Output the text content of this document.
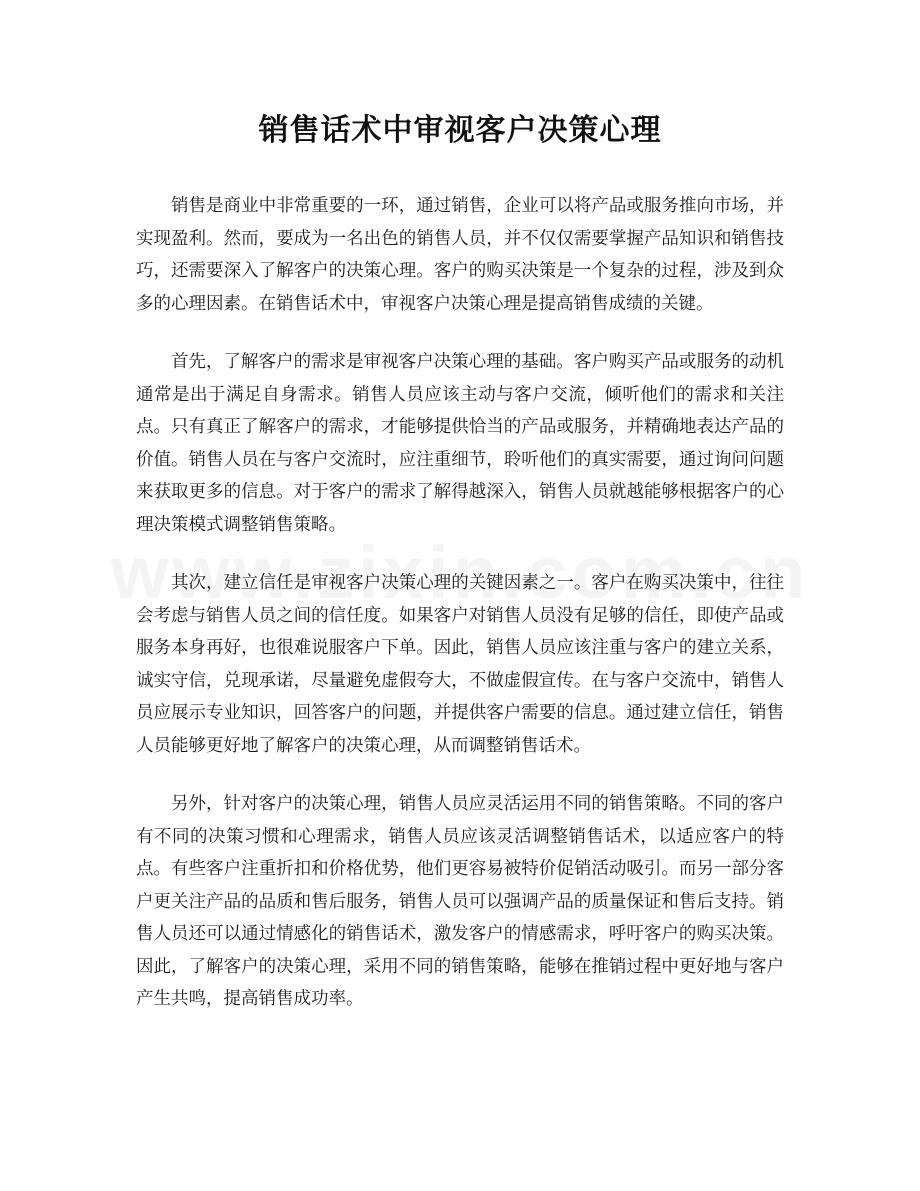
销售话术中审视客户决策心理

销售是商业中非常重要的一环，通过销售，企业可以将产品或服务推向市场，并实现盈利。然而，要成为一名出色的销售人员，并不仅仅需要掌握产品知识和销售技巧，还需要深入了解客户的决策心理。客户的购买决策是一个复杂的过程，涉及到众多的心理因素。在销售话术中，审视客户决策心理是提高销售成绩的关键。

首先，了解客户的需求是审视客户决策心理的基础。客户购买产品或服务的动机通常是出于满足自身需求。销售人员应该主动与客户交流，倾听他们的需求和关注点。只有真正了解客户的需求，才能够提供恰当的产品或服务，并精确地表达产品的价值。销售人员在与客户交流时，应注重细节，聆听他们的真实需要，通过询问问题来获取更多的信息。对于客户的需求了解得越深入，销售人员就越能够根据客户的心理决策模式调整销售策略。

其次，建立信任是审视客户决策心理的关键因素之一。客户在购买决策中，往往会考虑与销售人员之间的信任度。如果客户对销售人员没有足够的信任，即使产品或服务本身再好，也很难说服客户下单。因此，销售人员应该注重与客户的建立关系，诚实守信，兑现承诺，尽量避免虚假夸大，不做虚假宣传。在与客户交流中，销售人员应展示专业知识，回答客户的问题，并提供客户需要的信息。通过建立信任，销售人员能够更好地了解客户的决策心理，从而调整销售话术。

另外，针对客户的决策心理，销售人员应灵活运用不同的销售策略。不同的客户有不同的决策习惯和心理需求，销售人员应该灵活调整销售话术，以适应客户的特点。有些客户注重折扣和价格优势，他们更容易被特价促销活动吸引。而另一部分客户更关注产品的品质和售后服务，销售人员可以强调产品的质量保证和售后支持。销售人员还可以通过情感化的销售话术，激发客户的情感需求，呼吁客户的购买决策。因此，了解客户的决策心理，采用不同的销售策略，能够在推销过程中更好地与客户产生共鸣，提高销售成功率。
